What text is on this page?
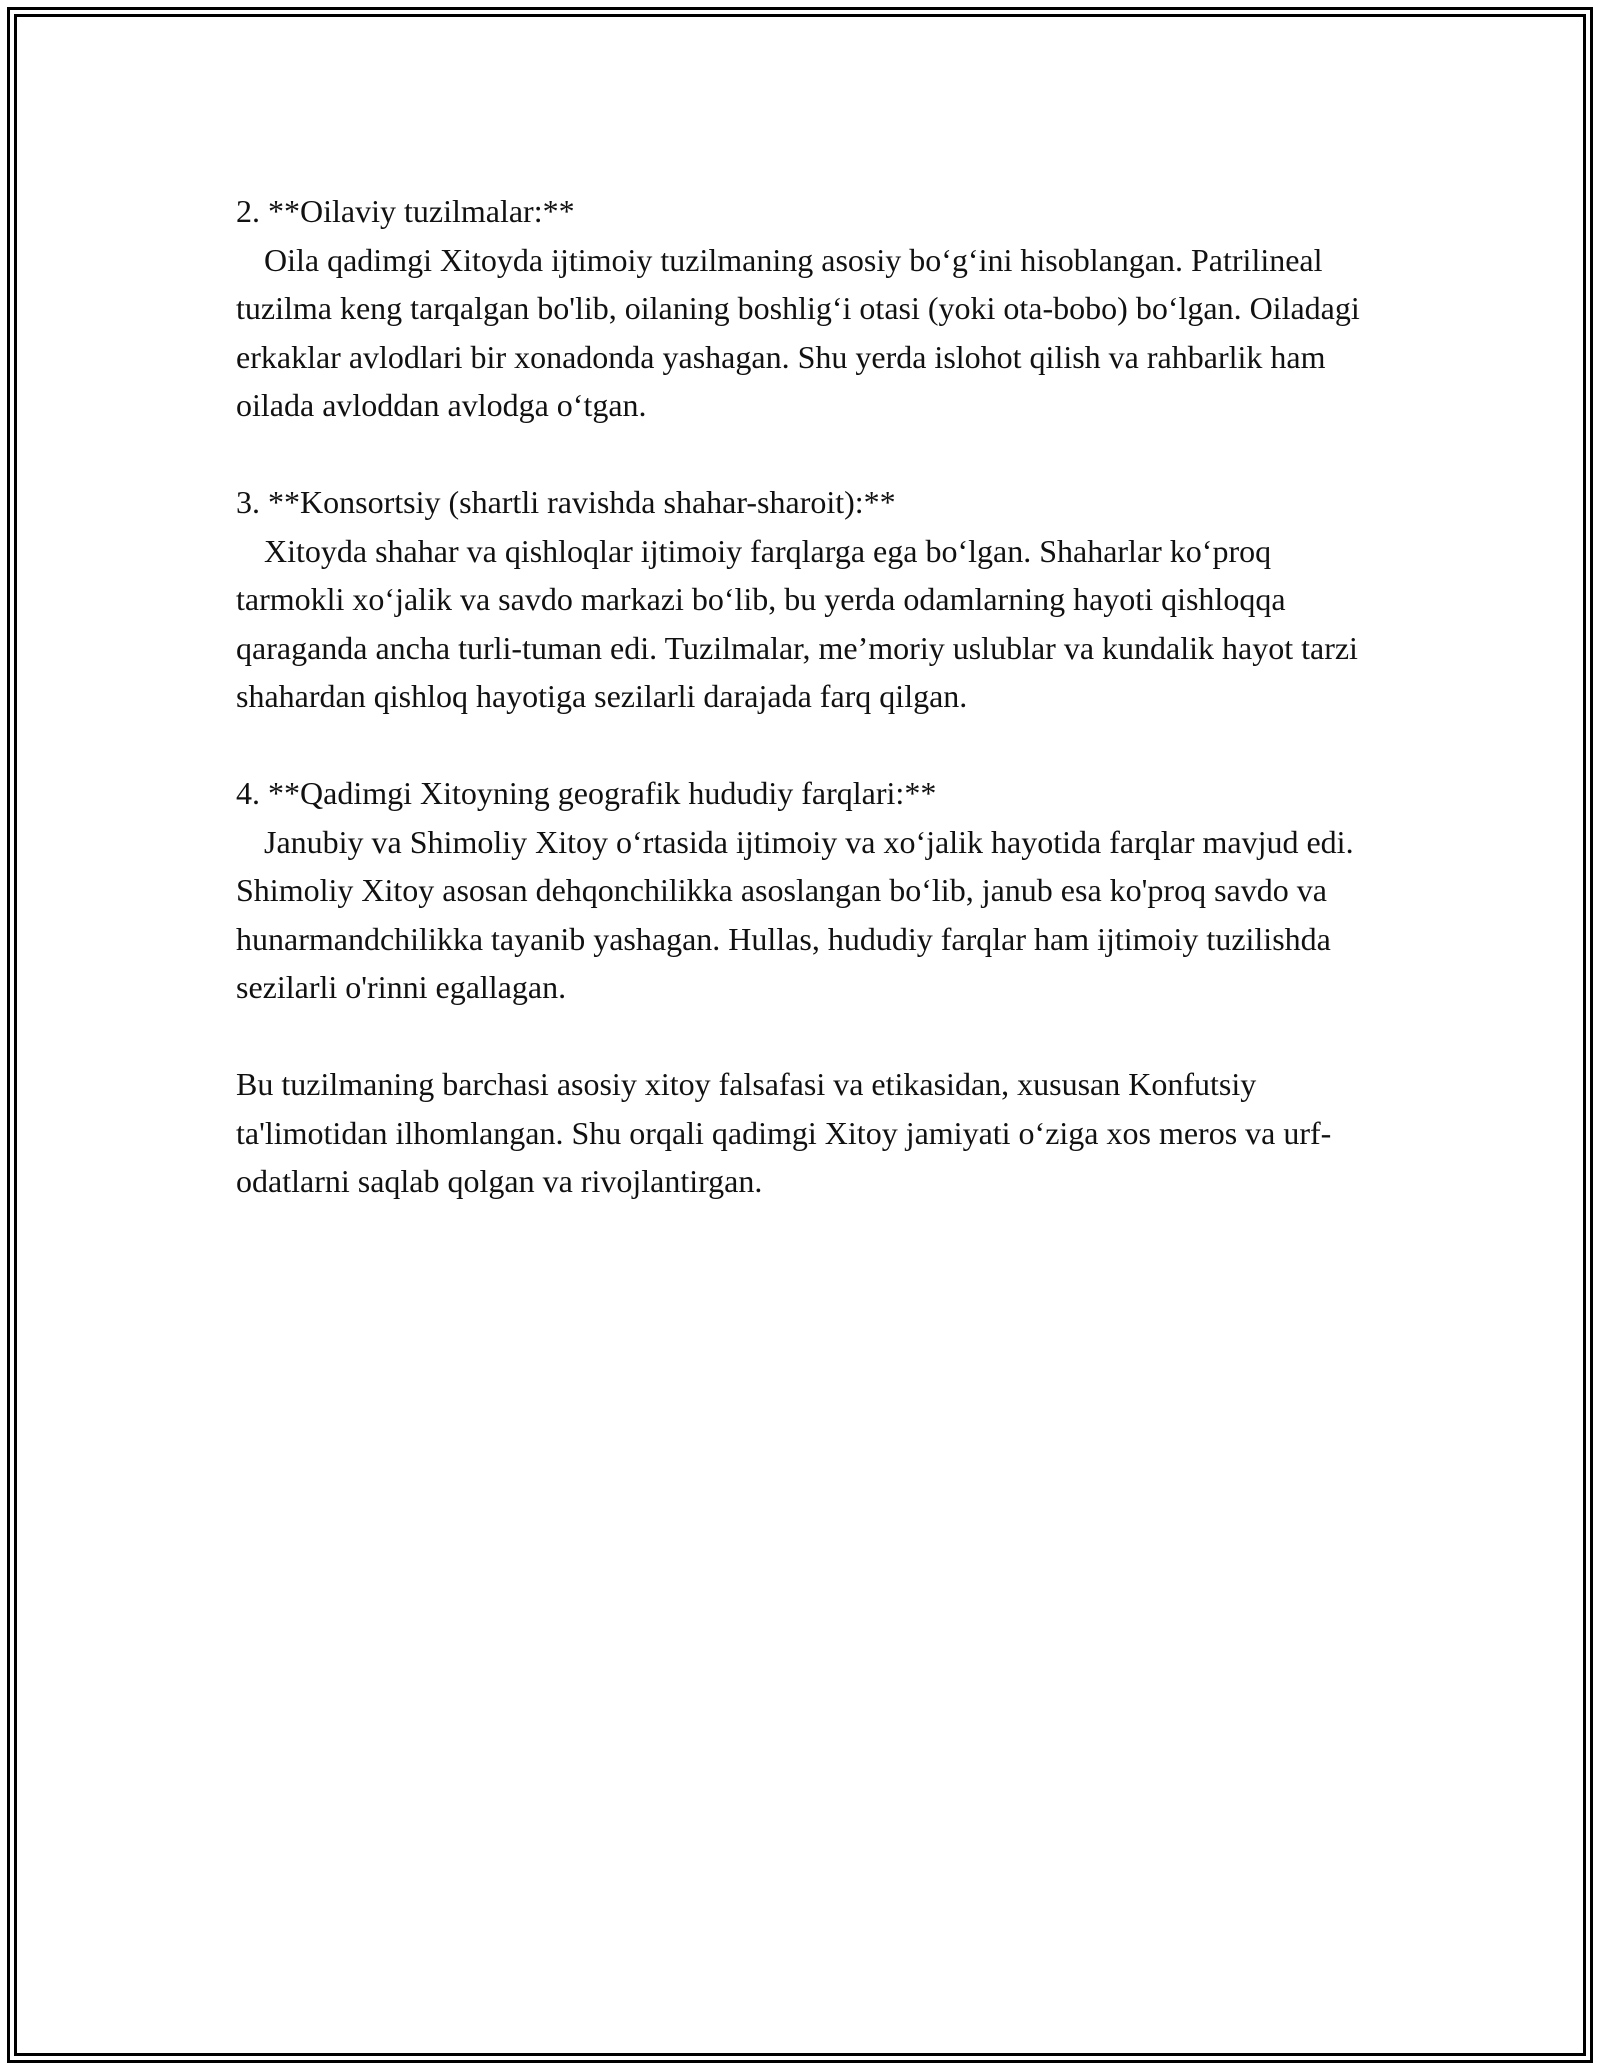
2. **Oilaviy tuzilmalar:**

Oila qadimgi Xitoyda ijtimoiy tuzilmaning asosiy bo‘g‘ini hisoblangan. Patrilineal tuzilma keng tarqalgan bo'lib, oilaning boshlig‘i otasi (yoki ota-bobo) bo‘lgan. Oiladagi erkaklar avlodlari bir xonadonda yashagan. Shu yerda islohot qilish va rahbarlik ham oilada avloddan avlodga o‘tgan.

3. **Konsortsiy (shartli ravishda shahar-sharoit):**

Xitoyda shahar va qishloqlar ijtimoiy farqlarga ega bo‘lgan. Shaharlar ko‘proq tarmokli xo‘jalik va savdo markazi bo‘lib, bu yerda odamlarning hayoti qishloqqa qaraganda ancha turli-tuman edi. Tuzilmalar, me’moriy uslublar va kundalik hayot tarzi shahardan qishloq hayotiga sezilarli darajada farq qilgan.

4. **Qadimgi Xitoyning geografik hududiy farqlari:**

Janubiy va Shimoliy Xitoy o‘rtasida ijtimoiy va xo‘jalik hayotida farqlar mavjud edi. Shimoliy Xitoy asosan dehqonchilikka asoslangan bo‘lib, janub esa ko'proq savdo va hunarmandchilikka tayanib yashagan. Hullas, hududiy farqlar ham ijtimoiy tuzilishda sezilarli o'rinni egallagan.

Bu tuzilmaning barchasi asosiy xitoy falsafasi va etikasidan, xususan Konfutsiy ta'limotidan ilhomlangan. Shu orqali qadimgi Xitoy jamiyati o‘ziga xos meros va urf-odatlarni saqlab qolgan va rivojlantirgan.
